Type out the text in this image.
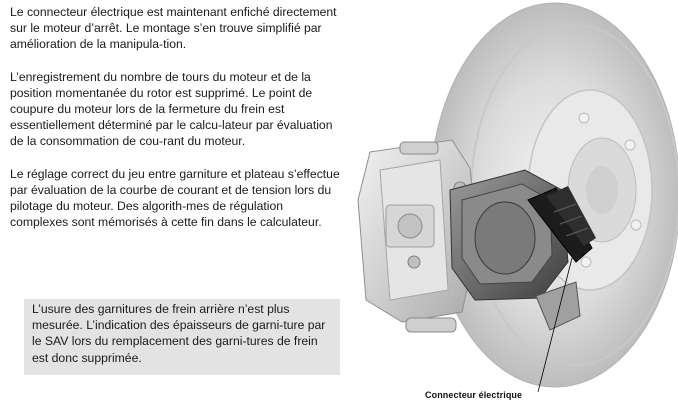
Le connecteur électrique est maintenant enfiché directement sur le moteur d’arrêt. Le montage s’en trouve simplifié par amélioration de la manipula-tion.

L’enregistrement du nombre de tours du moteur et de la position momentanée du rotor est supprimé. Le point de coupure du moteur lors de la fermeture du frein est essentiellement déterminé par le calcu-lateur par évaluation de la consommation de cou-rant du moteur.

Le réglage correct du jeu entre garniture et plateau s’effectue par évaluation de la courbe de courant et de tension lors du pilotage du moteur. Des algorith-mes de régulation complexes sont mémorisés à cette fin dans le calculateur.

L’usure des garnitures de frein arrière n’est plus mesurée. L’indication des épaisseurs de garni-ture par le SAV lors du remplacement des garni-tures de frein est donc supprimée.
Connecteur électrique
